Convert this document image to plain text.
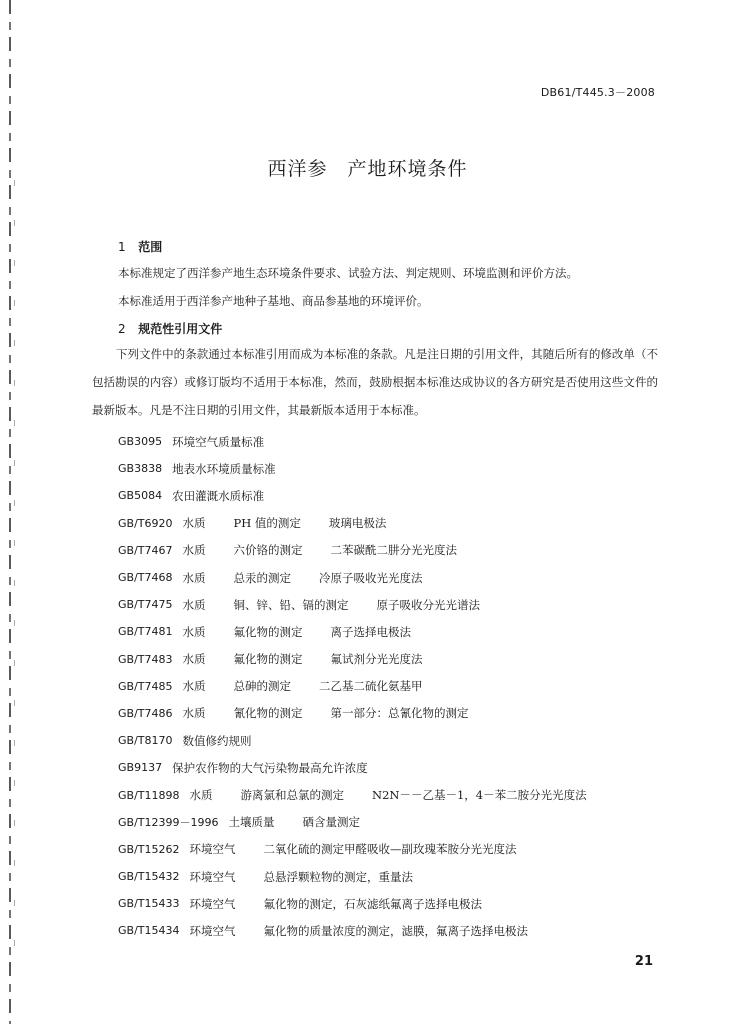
DB61/T445.3－2008
西洋参　产地环境条件
1 范围
本标准规定了西洋参产地生态环境条件要求、试验方法、判定规则、环境监测和评价方法。
本标准适用于西洋参产地种子基地、商品参基地的环境评价。
2 规范性引用文件

下列文件中的条款通过本标准引用而成为本标准的条款。凡是注日期的引用文件，其随后所有的修改单（不包括勘误的内容）或修订版均不适用于本标准，然而，鼓励根据本标准达成协议的各方研究是否使用这些文件的最新版本。凡是不注日期的引用文件，其最新版本适用于本标准。

GB3095 环境空气质量标准
GB3838 地表水环境质量标准
GB5084 农田灌溉水质标准
GB/T6920 水质 PH 值的测定 玻璃电极法
GB/T7467 水质 六价铬的测定 二苯碳酰二肼分光光度法
GB/T7468 水质 总汞的测定 冷原子吸收光光度法
GB/T7475 水质 铜、锌、铅、镉的测定 原子吸收分光光谱法
GB/T7481 水质 氟化物的测定 离子选择电极法
GB/T7483 水质 氟化物的测定 氟试剂分光光度法
GB/T7485 水质 总砷的测定 二乙基二硫化氨基甲
GB/T7486 水质 氰化物的测定 第一部分：总氰化物的测定
GB/T8170 数值修约规则
GB9137 保护农作物的大气污染物最高允许浓度
GB/T11898 水质 游离氯和总氯的测定 N2N－－乙基－1，4－苯二胺分光光度法
GB/T12399－1996 土壤质量 硒含量测定
GB/T15262 环境空气 二氧化硫的测定甲醛吸收—副玫瑰苯胺分光光度法
GB/T15432 环境空气 总悬浮颗粒物的测定，重量法
GB/T15433 环境空气 氟化物的测定，石灰滤纸氟离子选择电极法
GB/T15434 环境空气 氟化物的质量浓度的测定，滤膜，氟离子选择电极法
21
